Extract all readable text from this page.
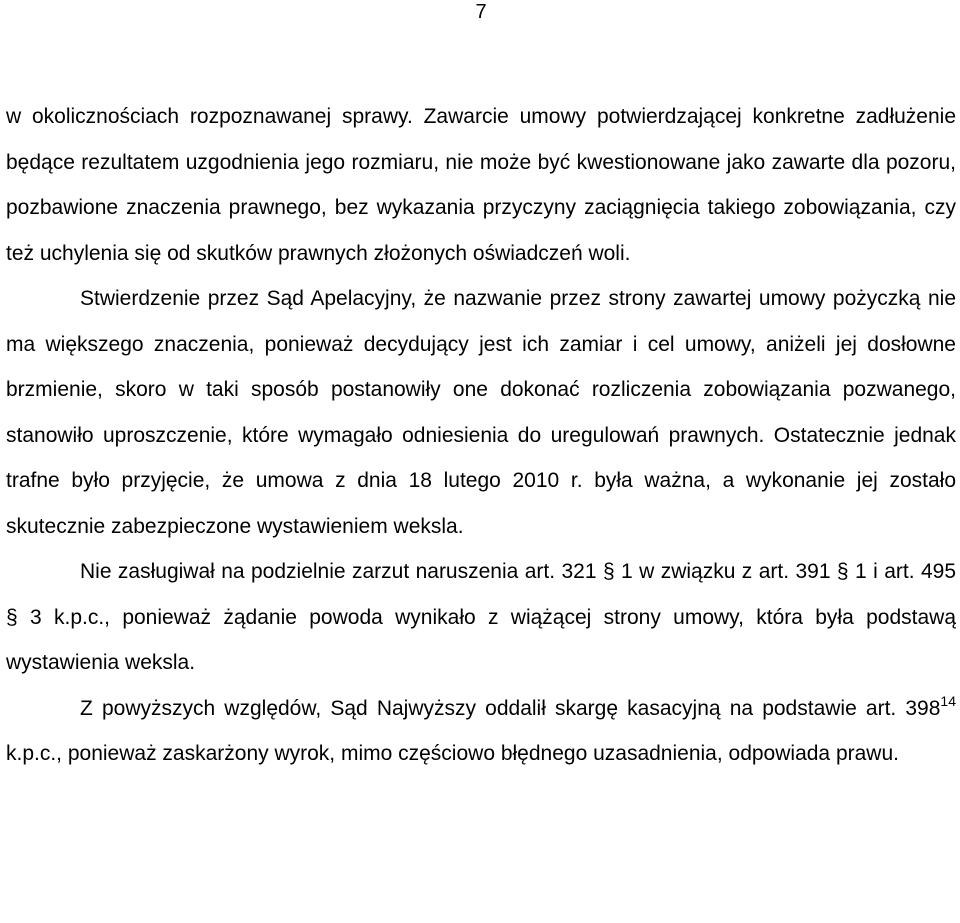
7

w okolicznościach rozpoznawanej sprawy. Zawarcie umowy potwierdzającej konkretne zadłużenie będące rezultatem uzgodnienia jego rozmiaru, nie może być kwestionowane jako zawarte dla pozoru, pozbawione znaczenia prawnego, bez wykazania przyczyny zaciągnięcia takiego zobowiązania, czy też uchylenia się od skutków prawnych złożonych oświadczeń woli.

Stwierdzenie przez Sąd Apelacyjny, że nazwanie przez strony zawartej umowy pożyczką nie ma większego znaczenia, ponieważ decydujący jest ich zamiar i cel umowy, aniżeli jej dosłowne brzmienie, skoro w taki sposób postanowiły one dokonać rozliczenia zobowiązania pozwanego, stanowiło uproszczenie, które wymagało odniesienia do uregulowań prawnych. Ostatecznie jednak trafne było przyjęcie, że umowa z dnia 18 lutego 2010 r. była ważna, a wykonanie jej zostało skutecznie zabezpieczone wystawieniem weksla.

Nie zasługiwał na podzielnie zarzut naruszenia art. 321 § 1 w związku z art. 391 § 1 i art. 495 § 3 k.p.c., ponieważ żądanie powoda wynikało z wiążącej strony umowy, która była podstawą wystawienia weksla.

Z powyższych względów, Sąd Najwyższy oddalił skargę kasacyjną na podstawie art. $398^{14}$ k.p.c., ponieważ zaskarżony wyrok, mimo częściowo błędnego uzasadnienia, odpowiada prawu.
